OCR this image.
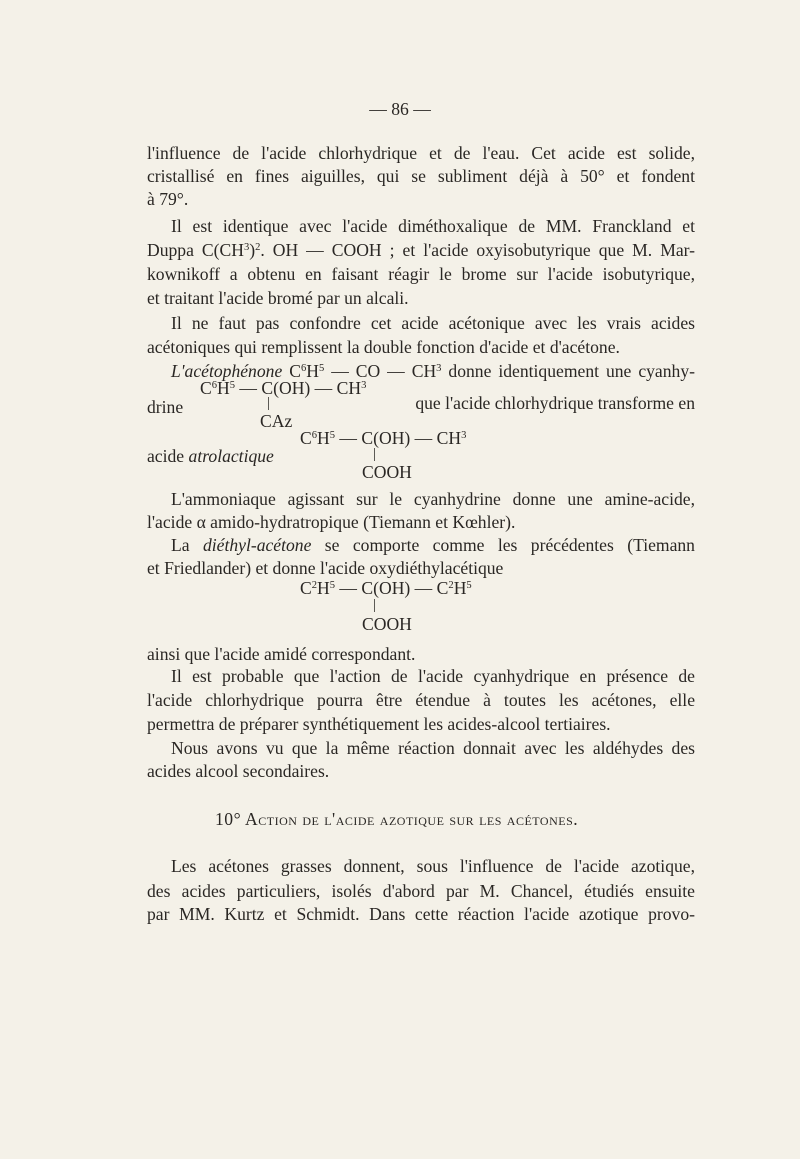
— 86 —
l'influence de l'acide chlorhydrique et de l'eau. Cet acide est solide,
cristallisé en fines aiguilles, qui se subliment déjà à 50° et fondent
à 79°.
Il est identique avec l'acide diméthoxalique de MM. Franckland et
Duppa $C(CH^3)^2$. OH — COOH ; et l'acide oxyisobutyrique que M. Mar-
kownikoff a obtenu en faisant réagir le brome sur l'acide isobutyrique,
et traitant l'acide bromé par un alcali.
Il ne faut pas confondre cet acide acétonique avec les vrais acides
acétoniques qui remplissent la double fonction d'acide et d'acétone.
L'acétophénone $C^6H^5$ — CO — $CH^3$ donne identiquement une cyanhy-
$C^6H^5$ — C(OH) — $CH^3$
drine	|	que l'acide chlorhydrique transforme en
CAz
$C^6H^5$ — C(OH) — $CH^3$
acide atrolactique	|
COOH
L'ammoniaque agissant sur le cyanhydrine donne une amine-acide,
l'acide α amido-hydratropique (Tiemann et Kœhler).
La diéthyl-acétone se comporte comme les précédentes (Tiemann
et Friedlander) et donne l'acide oxydiéthylacétique
$C^2H^5$ — C(OH) — $C^2H^5$
|
COOH
ainsi que l'acide amidé correspondant.
Il est probable que l'action de l'acide cyanhydrique en présence de
l'acide chlorhydrique pourra être étendue à toutes les acétones, elle
permettra de préparer synthétiquement les acides-alcool tertiaires.
Nous avons vu que la même réaction donnait avec les aldéhydes des
acides alcool secondaires.
10° Action de l'acide azotique sur les acétones.
Les acétones grasses donnent, sous l'influence de l'acide azotique,
des acides particuliers, isolés d'abord par M. Chancel, étudiés ensuite
par MM. Kurtz et Schmidt. Dans cette réaction l'acide azotique provo-
